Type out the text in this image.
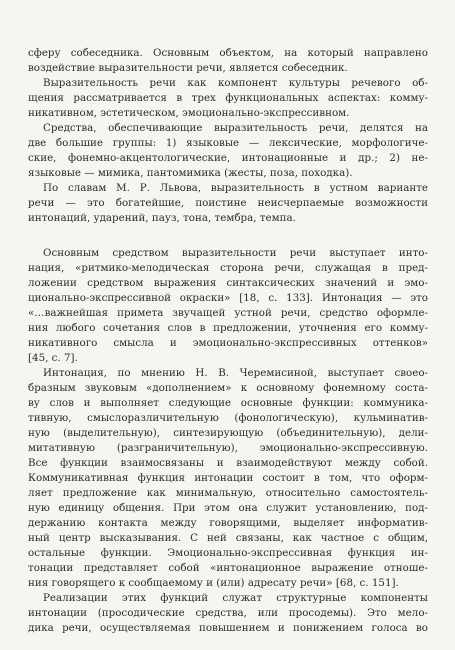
сферу собеседника. Основным объектом, на который направлено
воздействие выразительности речи, является собеседник.
Выразительность речи как компонент культуры речевого об-
щения рассматривается в трех функциональных аспектах: комму-
никативном, эстетическом, эмоционально-экспрессивном.
Средства, обеспечивающие выразительность речи, делятся на
две большие группы: 1) языковые — лексические, морфологиче-
ские, фонемно-акцентологические, интонационные и др.; 2) не-
языковые — мимика, пантомимика (жесты, поза, походка).
По славам М. Р. Львова, выразительность в устном варианте
речи — это богатейшие, поистине неисчерпаемые возможности
интонаций, ударений, пауз, тона, тембра, темпа.
Основным средством выразительности речи выступает инто-
нация, «ритмико-мелодическая сторона речи, служащая в пред-
ложении средством выражения синтаксических значений и эмо-
ционально-экспрессивной окраски» [18, с. 133]. Интонация — это
«…важнейшая примета звучащей устной речи, средство оформле-
ния любого сочетания слов в предложении, уточнения его комму-
никативного смысла и эмоционально-экспрессивных оттенков»
[45, с. 7].
Интонация, по мнению Н. В. Черемисиной, выступает своео-
бразным звуковым «дополнением» к основному фонемному соста-
ву слов и выполняет следующие основные функции: коммуника-
тивную, смыслоразличительную (фонологическую), кульминатив-
ную (выделительную), синтезирующую (объединительную), дели-
митативную (разграничительную), эмоционально-экспрессивную.
Все функции взаимосвязаны и взаимодействуют между собой.
Коммуникативная функция интонации состоит в том, что оформ-
ляет предложение как минимальную, относительно самостоятель-
ную единицу общения. При этом она служит установлению, под-
держанию контакта между говорящими, выделяет информатив-
ный центр высказывания. С ней связаны, как частное с общим,
остальные функции. Эмоционально-экспрессивная функция ин-
тонации представляет собой «интонационное выражение отноше-
ния говорящего к сообщаемому и (или) адресату речи» [68, с. 151].
Реализации этих функций служат структурные компоненты
интонации (просодические средства, или просодемы). Это мело-
дика речи, осуществляемая повышением и понижением голоса во
